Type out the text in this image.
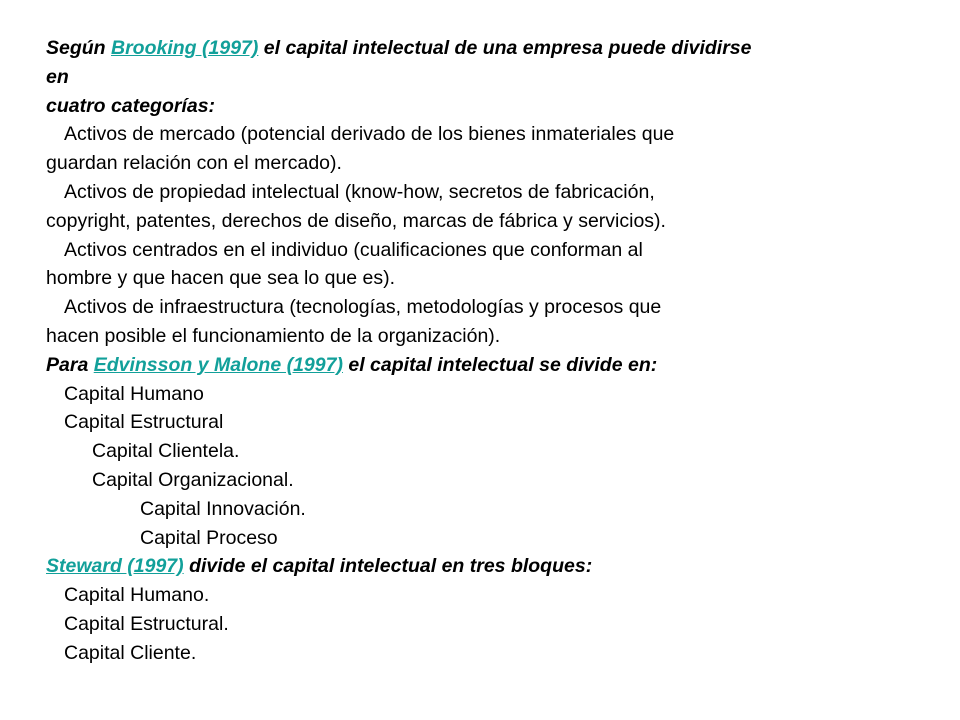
Según Brooking (1997) el capital intelectual de una empresa puede dividirse
en
cuatro categorías:
Activos de mercado (potencial derivado de los bienes inmateriales que
guardan relación con el mercado).
Activos de propiedad intelectual (know-how, secretos de fabricación,
copyright, patentes, derechos de diseño, marcas de fábrica y servicios).
Activos centrados en el individuo (cualificaciones que conforman al
hombre y que hacen que sea lo que es).
Activos de infraestructura (tecnologías, metodologías y procesos que
hacen posible el funcionamiento de la organización).
Para Edvinsson y Malone (1997) el capital intelectual se divide en:
Capital Humano
Capital Estructural
Capital Clientela.
Capital Organizacional.
Capital Innovación.
Capital Proceso
Steward (1997) divide el capital intelectual en tres bloques:
Capital Humano.
Capital Estructural.
Capital Cliente.
